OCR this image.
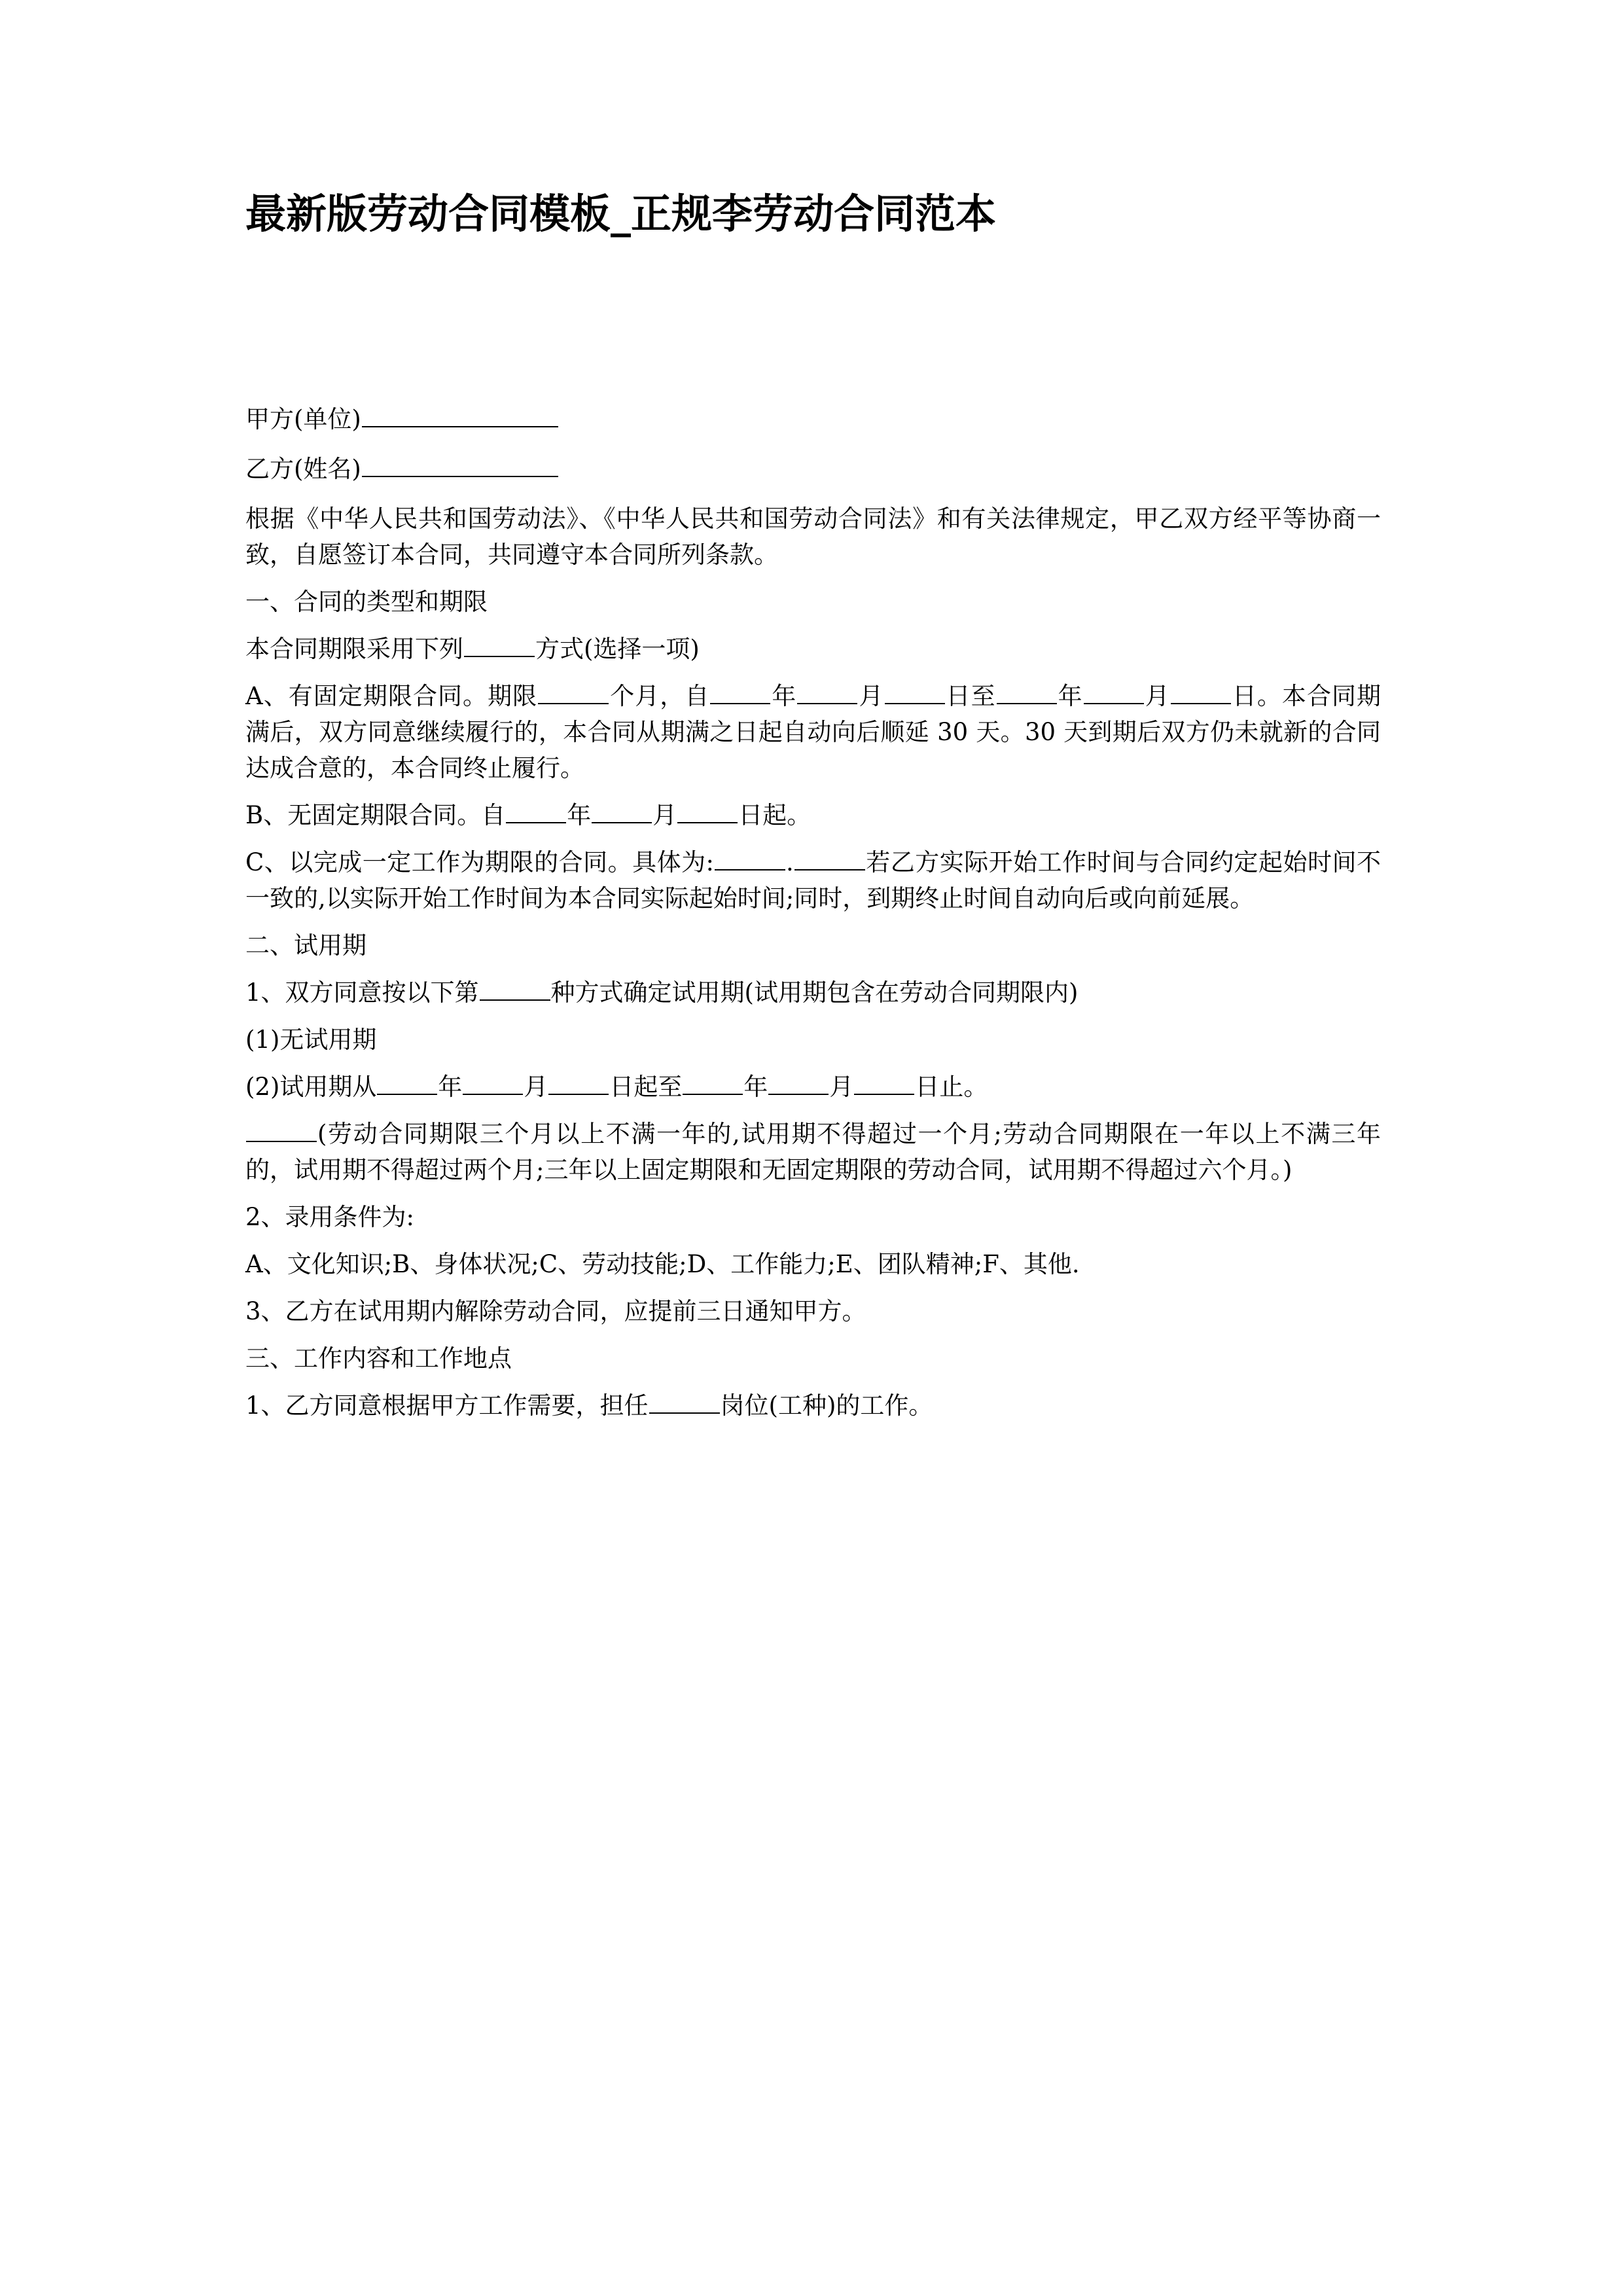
最新版劳动合同模板_正规李劳动合同范本

甲方(单位)

乙方(姓名)

根据《中华人民共和国劳动法》、《中华人民共和国劳动合同法》和有关法律规定，甲乙双方经平等协商一致，自愿签订本合同，共同遵守本合同所列条款。

一、合同的类型和期限

本合同期限采用下列	方式(选择一项)

A、有固定期限合同。期限	个月，自	年	月	日至	年	月	日。本合同期满后，双方同意继续履行的，本合同从期满之日起自动向后顺延 30 天。30 天到期后双方仍未就新的合同达成合意的，本合同终止履行。

B、无固定期限合同。自	年	月	日起。

C、以完成一定工作为期限的合同。具体为:	.	若乙方实际开始工作时间与合同约定起始时间不一致的,以实际开始工作时间为本合同实际起始时间;同时，到期终止时间自动向后或向前延展。

二、试用期

1、双方同意按以下第	种方式确定试用期(试用期包含在劳动合同期限内)

(1)无试用期

(2)试用期从	年	月	日起至	年	月	日止。

(劳动合同期限三个月以上不满一年的,试用期不得超过一个月;劳动合同期限在一年以上不满三年的，试用期不得超过两个月;三年以上固定期限和无固定期限的劳动合同，试用期不得超过六个月。)

2、录用条件为:

A、文化知识;B、身体状况;C、劳动技能;D、工作能力;E、团队精神;F、其他.

3、乙方在试用期内解除劳动合同，应提前三日通知甲方。

三、工作内容和工作地点

1、乙方同意根据甲方工作需要，担任	岗位(工种)的工作。
